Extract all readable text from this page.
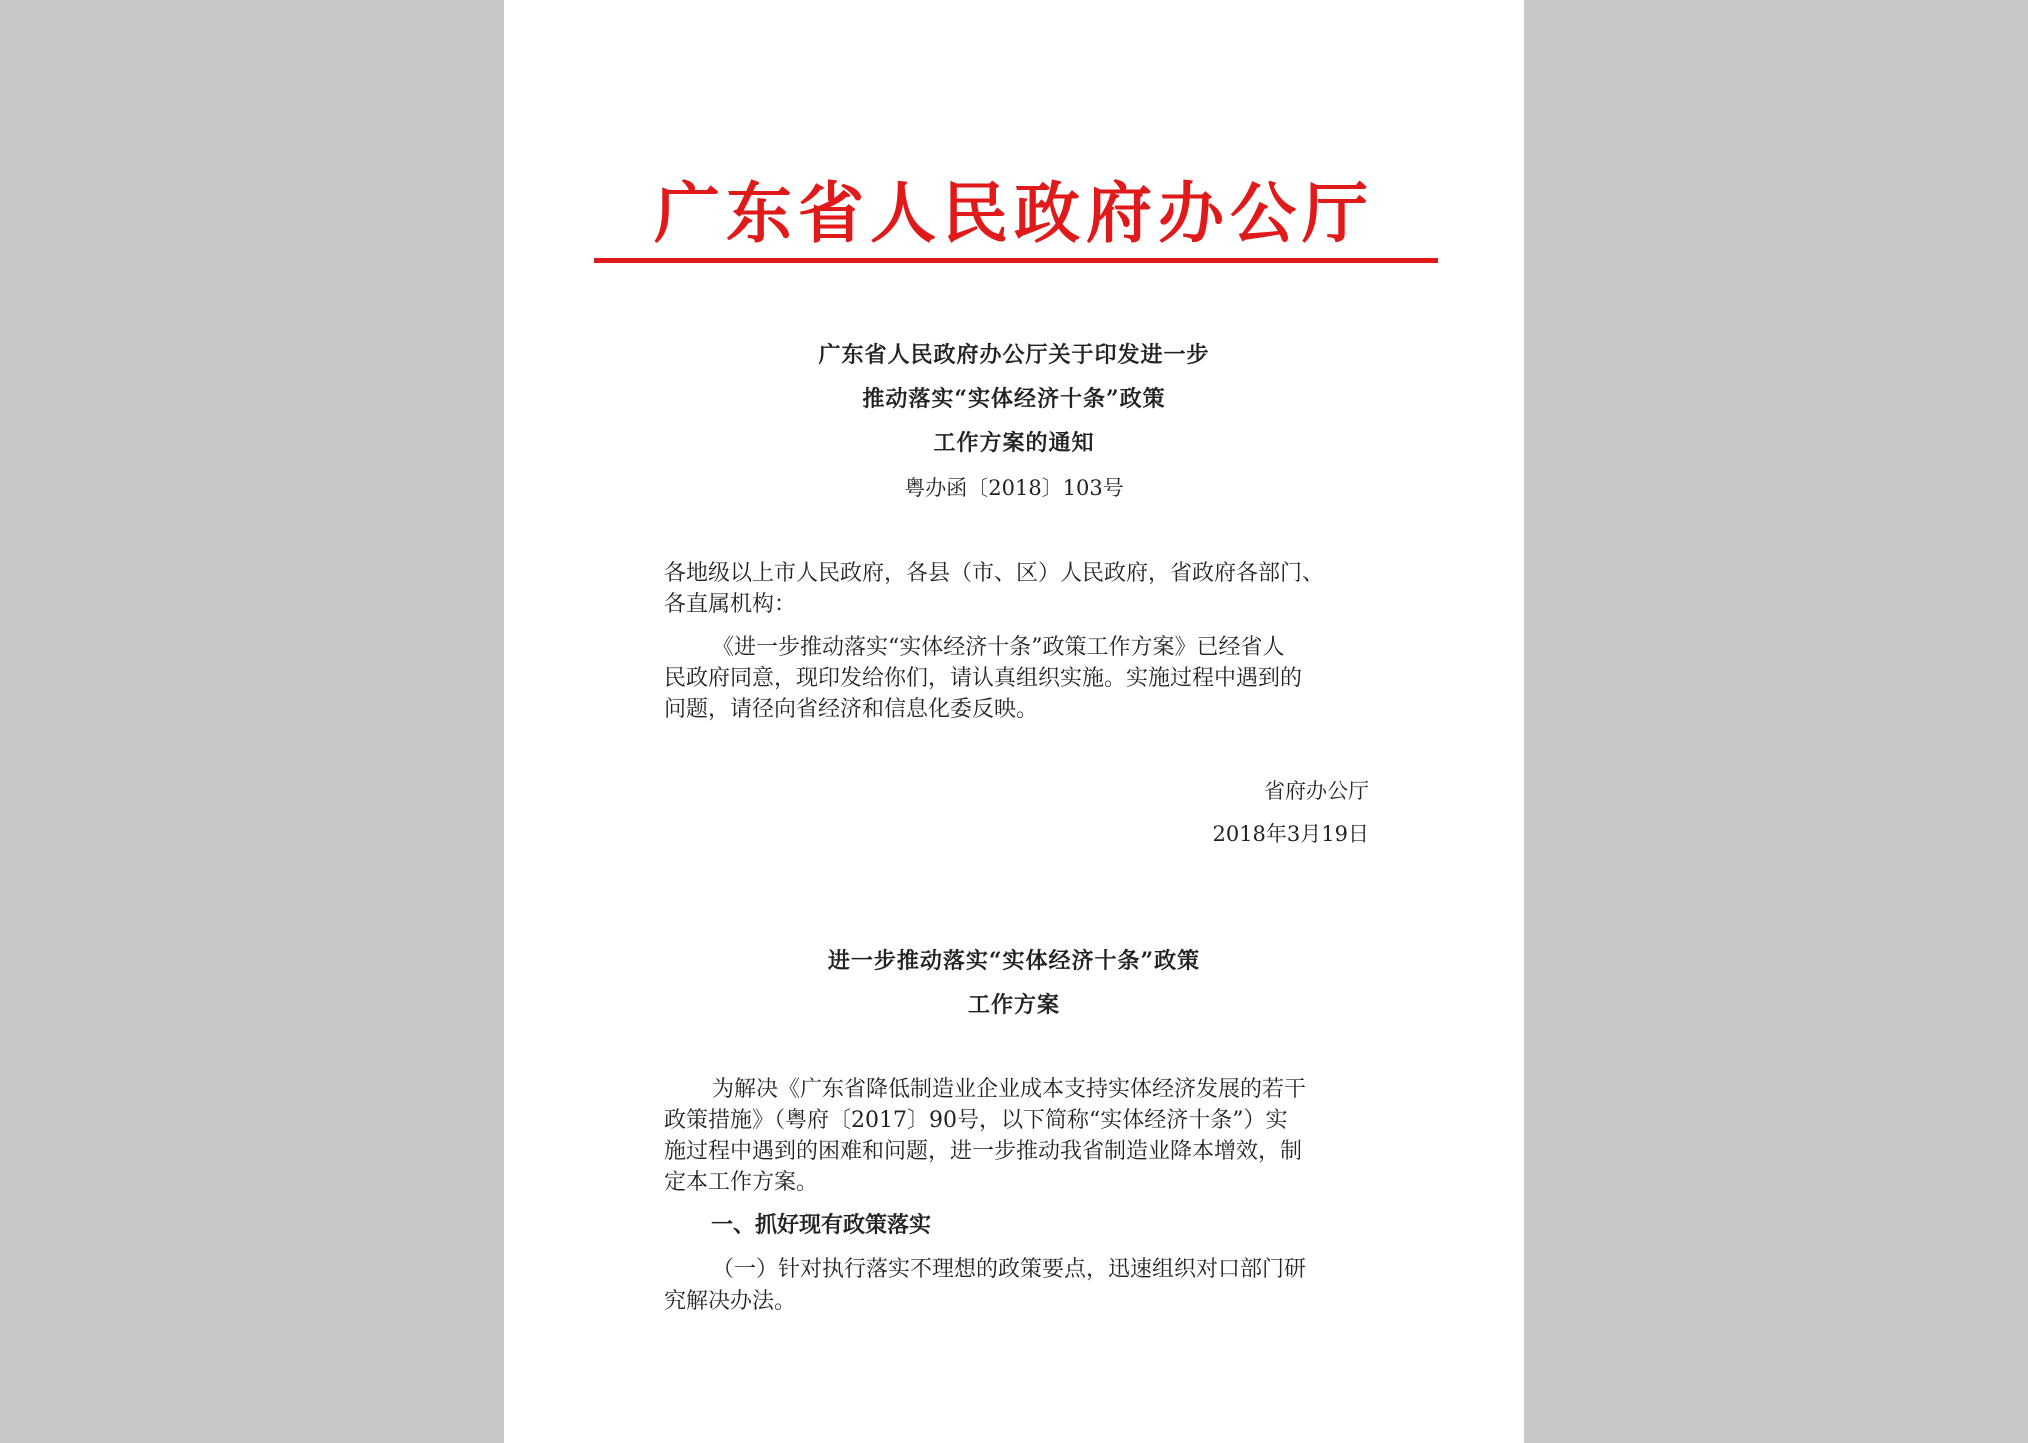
广东省人民政府办公厅
广东省人民政府办公厅关于印发进一步
推动落实“实体经济十条”政策
工作方案的通知
粤办函〔2018〕103号
各地级以上市人民政府，各县（市、区）人民政府，省政府各部门、
各直属机构：
《进一步推动落实“实体经济十条”政策工作方案》已经省人
民政府同意，现印发给你们，请认真组织实施。实施过程中遇到的
问题，请径向省经济和信息化委反映。
省府办公厅
2018年3月19日
进一步推动落实“实体经济十条”政策
工作方案
为解决《广东省降低制造业企业成本支持实体经济发展的若干
政策措施》（粤府〔2017〕90号，以下简称“实体经济十条”）实
施过程中遇到的困难和问题，进一步推动我省制造业降本增效，制
定本工作方案。
一、抓好现有政策落实
（一）针对执行落实不理想的政策要点，迅速组织对口部门研
究解决办法。
